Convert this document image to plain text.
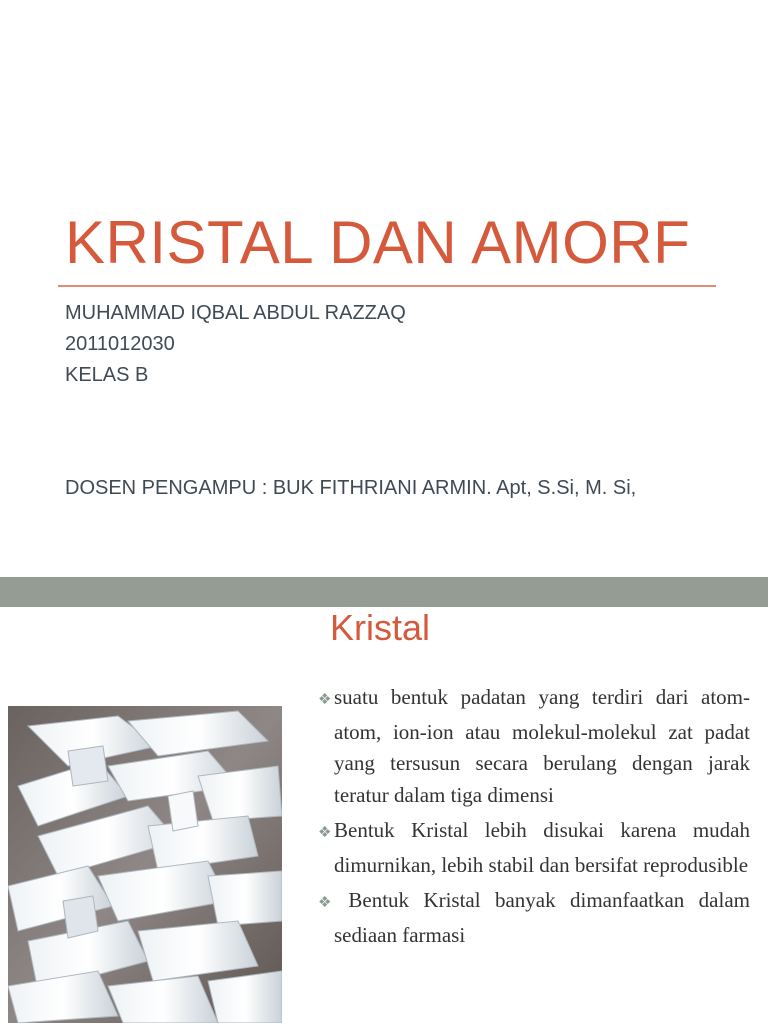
KRISTAL DAN AMORF
MUHAMMAD IQBAL ABDUL RAZZAQ
2011012030
KELAS B
DOSEN PENGAMPU : BUK FITHRIANI ARMIN. Apt, S.Si, M. Si,
Kristal
❖ suatu bentuk padatan yang terdiri dari atom-atom, ion-ion atau molekul-molekul zat padat yang tersusun secara berulang dengan jarak teratur dalam tiga dimensi
❖ Bentuk Kristal lebih disukai karena mudah dimurnikan, lebih stabil dan bersifat reprodusible
❖ Bentuk Kristal banyak dimanfaatkan dalam sediaan farmasi
